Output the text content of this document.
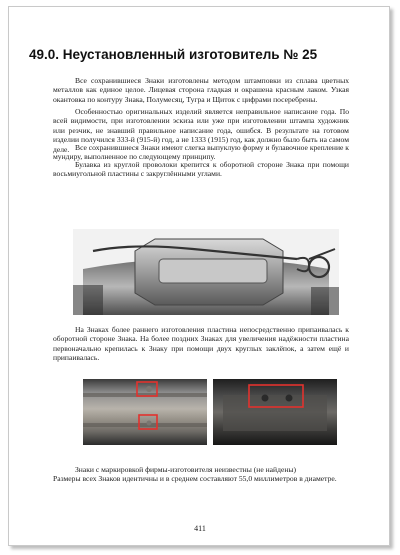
49.0. Неустановленный изготовитель № 25

Все сохранившиеся Знаки изготовлены методом штамповки из сплава цветных металлов как единое целое. Лицевая сторона гладкая и окрашена красным лаком. Узкая окантовка по контуру Знака, Полумесяц, Тугра и Щиток с цифрами посеребрены.

Особенностью оригинальных изделий является неправильное написание года. По всей видимости, при изготовлении эскиза или уже при изготовлении штампа художник или резчик, не знавший правильное написание года, ошибся. В результате на готовом изделии получился 333-й (915-й) год, а не 1333 (1915) год, как должно было быть на самом деле. Все сохранившиеся Знаки имеют слегка выпуклую форму и булавочное крепление к мундиру, выполненное по следующему принципу.

Булавка из круглой проволоки крепится к оборотной стороне Знака при помощи восьмиугольной пластины с закруглёнными углами.

На Знаках более раннего изготовления пластина непосредственно припаивалась к оборотной стороне Знака. На более поздних Знаках для увеличения надёжности пластина первоначально крепилась к Знаку при помощи двух круглых заклёпок, а затем ещё и припаивалась.

Знаки с маркировкой фирмы-изготовителя неизвестны (не найдены)
Размеры всех Знаков идентичны и в среднем составляют 55,0 миллиметров в диаметре.

411
